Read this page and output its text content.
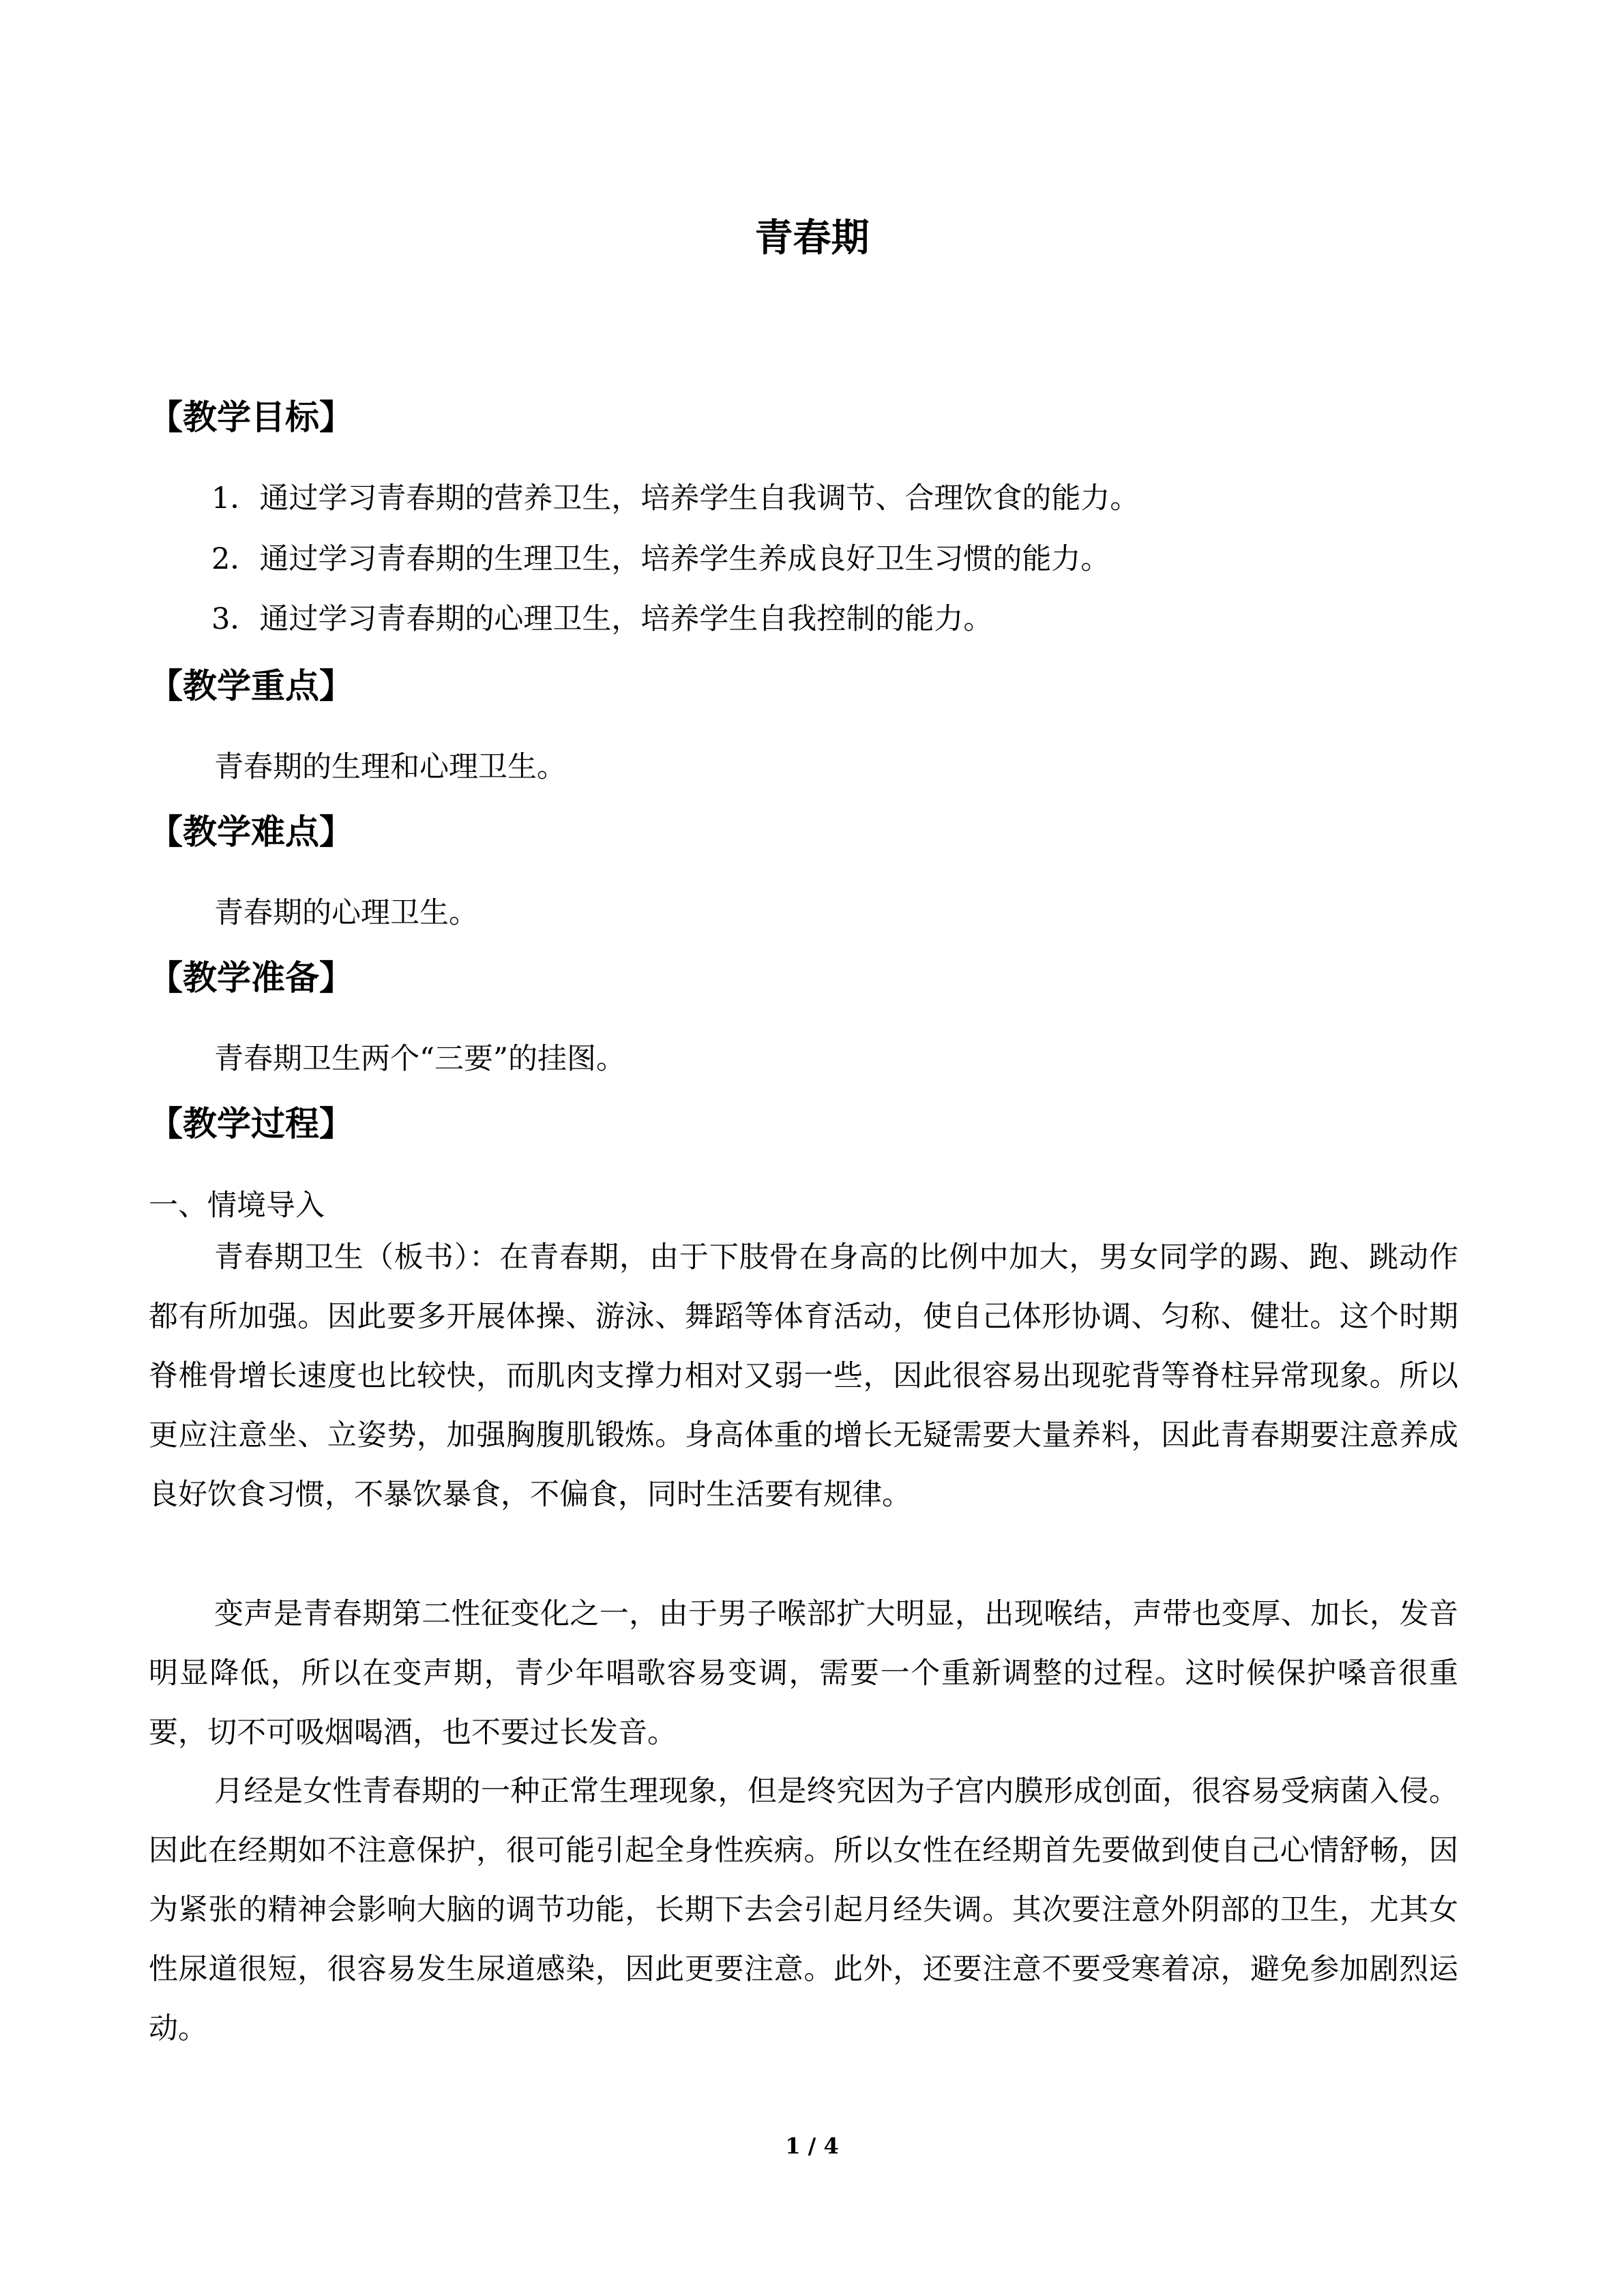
青春期
【教学目标】
1．通过学习青春期的营养卫生，培养学生自我调节、合理饮食的能力。
2．通过学习青春期的生理卫生，培养学生养成良好卫生习惯的能力。
3．通过学习青春期的心理卫生，培养学生自我控制的能力。
【教学重点】
青春期的生理和心理卫生。
【教学难点】
青春期的心理卫生。
【教学准备】
青春期卫生两个“三要”的挂图。
【教学过程】
一、情境导入
青春期卫生（板书）：在青春期，由于下肢骨在身高的比例中加大，男女同学的踢、跑、跳动作都有所加强。因此要多开展体操、游泳、舞蹈等体育活动，使自己体形协调、匀称、健壮。这个时期脊椎骨增长速度也比较快，而肌肉支撑力相对又弱一些，因此很容易出现驼背等脊柱异常现象。所以更应注意坐、立姿势，加强胸腹肌锻炼。身高体重的增长无疑需要大量养料，因此青春期要注意养成良好饮食习惯，不暴饮暴食，不偏食，同时生活要有规律。
变声是青春期第二性征变化之一，由于男子喉部扩大明显，出现喉结，声带也变厚、加长，发音明显降低，所以在变声期，青少年唱歌容易变调，需要一个重新调整的过程。这时候保护嗓音很重要，切不可吸烟喝酒，也不要过长发音。
月经是女性青春期的一种正常生理现象，但是终究因为子宫内膜形成创面，很容易受病菌入侵。因此在经期如不注意保护，很可能引起全身性疾病。所以女性在经期首先要做到使自己心情舒畅，因为紧张的精神会影响大脑的调节功能，长期下去会引起月经失调。其次要注意外阴部的卫生，尤其女性尿道很短，很容易发生尿道感染，因此更要注意。此外，还要注意不要受寒着凉，避免参加剧烈运动。
1 / 4
